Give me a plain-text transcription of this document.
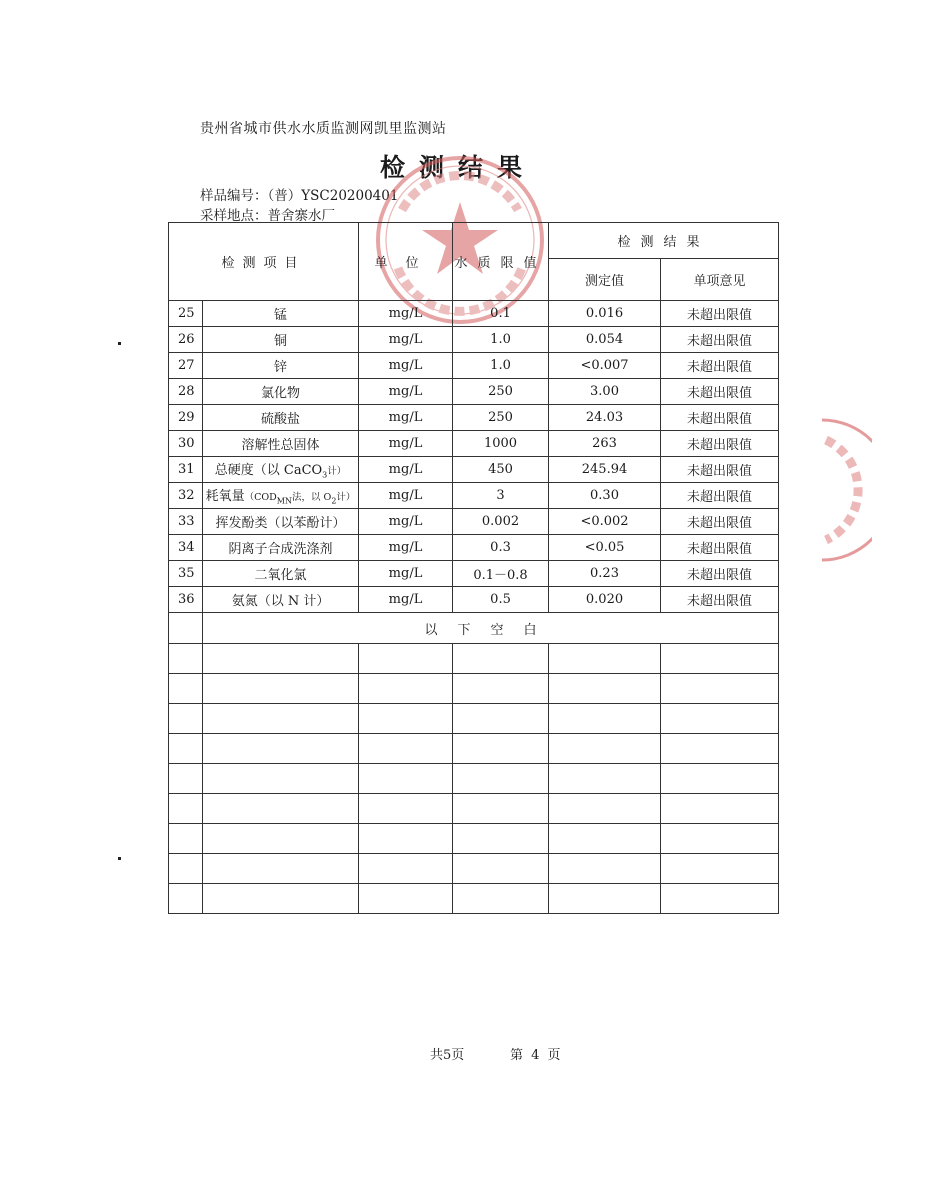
贵州省城市供水水质监测网凯里监测站
检测结果
样品编号：（普）YSC20200401
采样地点：普舍寨水厂
检测项目		单位	水质限值	检测结果	
				测定值	单项意见
25	锰	mg/L	0.1	0.016	未超出限值
26	铜	mg/L	1.0	0.054	未超出限值
27	锌	mg/L	1.0	<0.007	未超出限值
28	氯化物	mg/L	250	3.00	未超出限值
29	硫酸盐	mg/L	250	24.03	未超出限值
30	溶解性总固体	mg/L	1000	263	未超出限值
31	总硬度（以 CaCO$_3$计）	mg/L	450	245.94	未超出限值
32	耗氧量（$COD_{MN}$法，以 $O_2$计）	mg/L	3	0.30	未超出限值
33	挥发酚类（以苯酚计）	mg/L	0.002	<0.002	未超出限值
34	阴离子合成洗涤剂	mg/L	0.3	<0.05	未超出限值
35	二氧化氯	mg/L	0.1－0.8	0.23	未超出限值
36	氨氮（以 N 计）	mg/L	0.5	0.020	未超出限值
	以下空白				

共5页	第 4 页
